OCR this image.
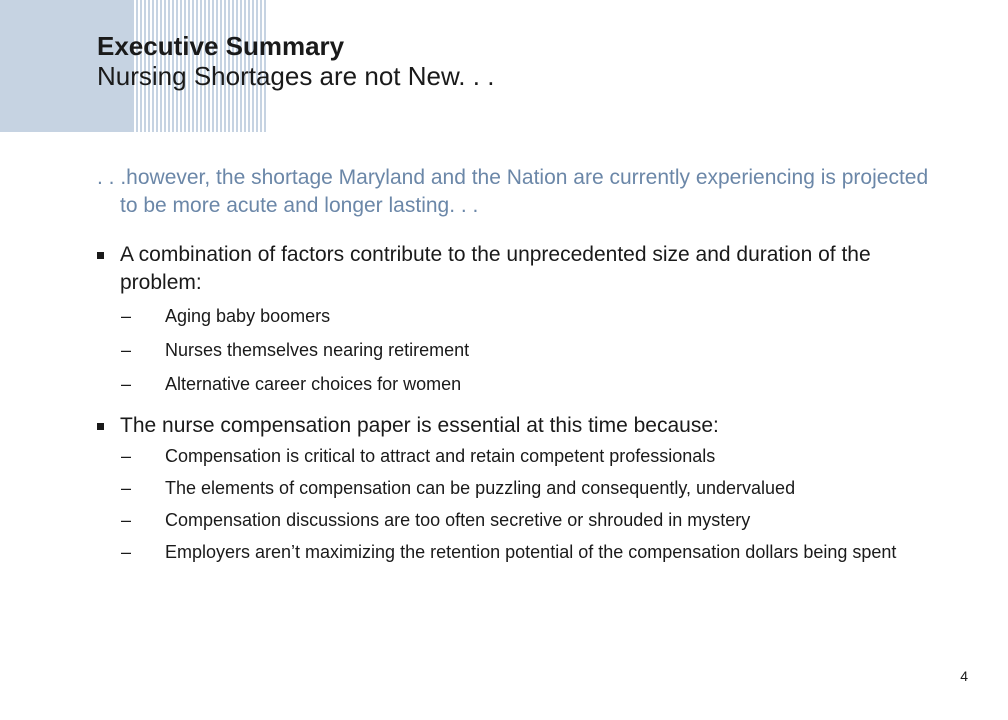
Executive Summary
Nursing Shortages are not New. . .
. . .however, the shortage Maryland and the Nation are currently experiencing is projected to be more acute and longer lasting. . .
A combination of factors contribute to the unprecedented size and duration of the problem:
– Aging baby boomers
– Nurses themselves nearing retirement
– Alternative career choices for women
The nurse compensation paper is essential at this time because:
– Compensation is critical to attract and retain competent professionals
– The elements of compensation can be puzzling and consequently, undervalued
– Compensation discussions are too often secretive or shrouded in mystery
– Employers aren’t maximizing the retention potential of the compensation dollars being spent
4
